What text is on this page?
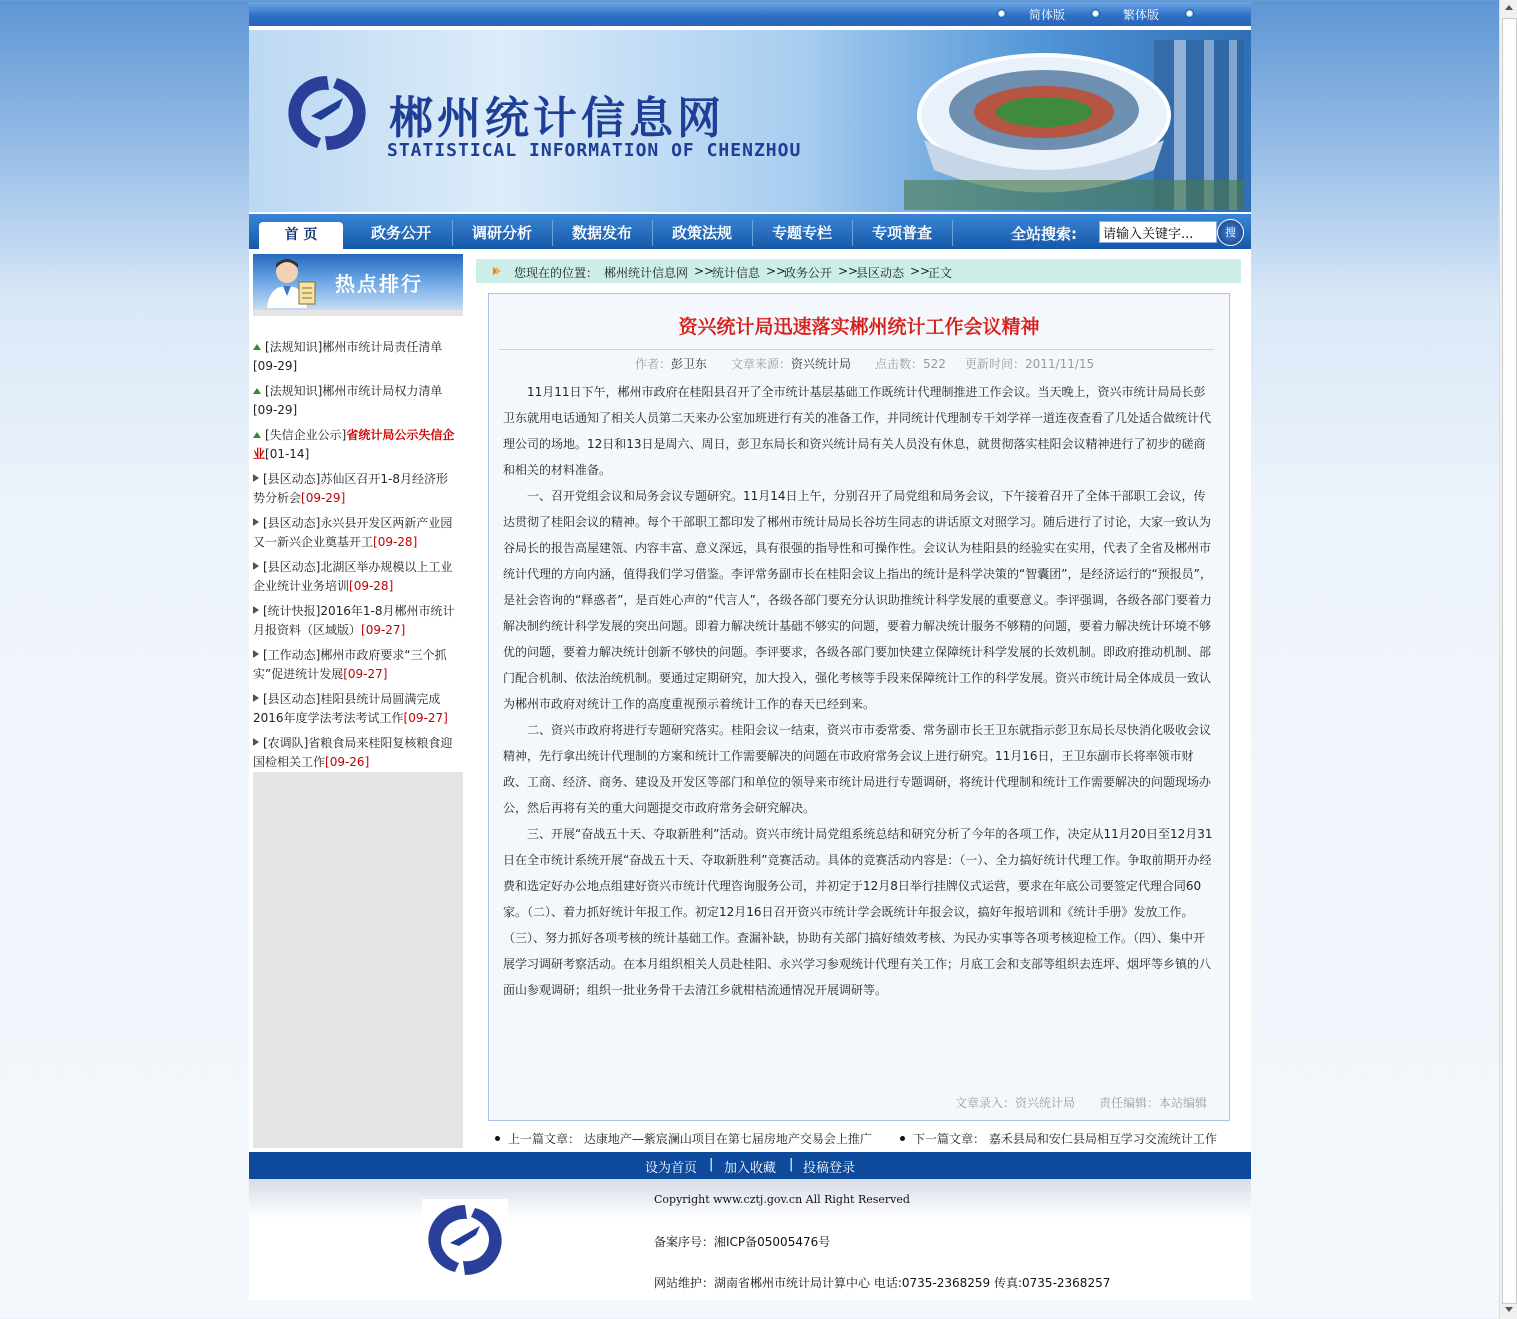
简体版	繁体版
郴州统计信息网
STATISTICAL INFORMATION OF CHENZHOU
首 页	政务公开	调研分析	数据发布	政策法规	专题专栏	专项普查	全站搜索:
请输入关键字...	搜
热点排行
[法规知识]郴州市统计局责任清单
[09-29]
[法规知识]郴州市统计局权力清单
[09-29]
[失信企业公示]省统计局公示失信企业[01-14]
[县区动态]苏仙区召开1-8月经济形势分析会[09-29]
[县区动态]永兴县开发区两新产业园又一新兴企业奠基开工[09-28]
[县区动态]北湖区举办规模以上工业企业统计业务培训[09-28]
[统计快报]2016年1-8月郴州市统计月报资料（区域版）[09-27]
[工作动态]郴州市政府要求“三个抓实”促进统计发展[09-27]
[县区动态]桂阳县统计局圆满完成2016年度学法考法考试工作[09-27]
[农调队]省粮食局来桂阳复核粮食迎国检相关工作[09-26]
您现在的位置： 郴州统计信息网 >>
统计信息 >>
政务公开 >>
县区动态 >>
正文
资兴统计局迅速落实郴州统计工作会议精神
作者：彭卫东 文章来源：资兴统计局 点击数：522 更新时间：2011/11/15
11月11日下午，郴州市政府在桂阳县召开了全市统计基层基础工作既统计代理制推进工作会议。当天晚上，资兴市统计局局长彭卫东就用电话通知了相关人员第二天来办公室加班进行有关的准备工作，并同统计代理制专干刘学祥一道连夜查看了几处适合做统计代理公司的场地。12日和13日是周六、周日，彭卫东局长和资兴统计局有关人员没有休息，就贯彻落实桂阳会议精神进行了初步的磋商和相关的材料准备。
一、召开党组会议和局务会议专题研究。11月14日上午，分别召开了局党组和局务会议，下午接着召开了全体干部职工会议，传达贯彻了桂阳会议的精神。每个干部职工都印发了郴州市统计局局长谷坊生同志的讲话原文对照学习。随后进行了讨论，大家一致认为谷局长的报告高屋建瓴、内容丰富、意义深远，具有很强的指导性和可操作性。会议认为桂阳县的经验实在实用，代表了全省及郴州市统计代理的方向内涵，值得我们学习借鉴。李评常务副市长在桂阳会议上指出的统计是科学决策的“智囊团”，是经济运行的“预报员”，是社会咨询的“释惑者”，是百姓心声的“代言人”，各级各部门要充分认识助推统计科学发展的重要意义。李评强调，各级各部门要着力解决制约统计科学发展的突出问题。即着力解决统计基础不够实的问题，要着力解决统计服务不够精的问题，要着力解决统计环境不够优的问题，要着力解决统计创新不够快的问题。李评要求，各级各部门要加快建立保障统计科学发展的长效机制。即政府推动机制、部门配合机制、依法治统机制。要通过定期研究，加大投入，强化考核等手段来保障统计工作的科学发展。资兴市统计局全体成员一致认为郴州市政府对统计工作的高度重视预示着统计工作的春天已经到来。
二、资兴市政府将进行专题研究落实。桂阳会议一结束，资兴市市委常委、常务副市长王卫东就指示彭卫东局长尽快消化吸收会议精神，先行拿出统计代理制的方案和统计工作需要解决的问题在市政府常务会议上进行研究。11月16日，王卫东副市长将率领市财政、工商、经济、商务、建设及开发区等部门和单位的领导来市统计局进行专题调研，将统计代理制和统计工作需要解决的问题现场办公，然后再将有关的重大问题提交市政府常务会研究解决。
三、开展“奋战五十天、夺取新胜利”活动。资兴市统计局党组系统总结和研究分析了今年的各项工作，决定从11月20日至12月31日在全市统计系统开展“奋战五十天、夺取新胜利”竞赛活动。具体的竞赛活动内容是：（一）、全力搞好统计代理工作。争取前期开办经费和选定好办公地点组建好资兴市统计代理咨询服务公司，并初定于12月8日举行挂牌仪式运营，要求在年底公司要签定代理合同60家。（二）、着力抓好统计年报工作。初定12月16日召开资兴市统计学会既统计年报会议，搞好年报培训和《统计手册》发放工作。（三）、努力抓好各项考核的统计基础工作。查漏补缺，协助有关部门搞好绩效考核、为民办实事等各项考核迎检工作。（四）、集中开展学习调研考察活动。在本月组织相关人员赴桂阳、永兴学习参观统计代理有关工作；月底工会和支部等组织去连坪、烟坪等乡镇的八面山参观调研；组织一批业务骨干去清江乡就柑桔流通情况开展调研等。
文章录入：资兴统计局 责任编辑：本站编辑
上一篇文章： 达康地产—紫宸澜山项目在第七届房地产交易会上推广	下一篇文章： 嘉禾县局和安仁县局相互学习交流统计工作
设为首页 | 加入收藏 | 投稿登录
Copyright www.cztj.gov.cn All Right Reserved
备案序号：湘ICP备05005476号
网站维护：湖南省郴州市统计局计算中心 电话:0735-2368259 传真:0735-2368257
